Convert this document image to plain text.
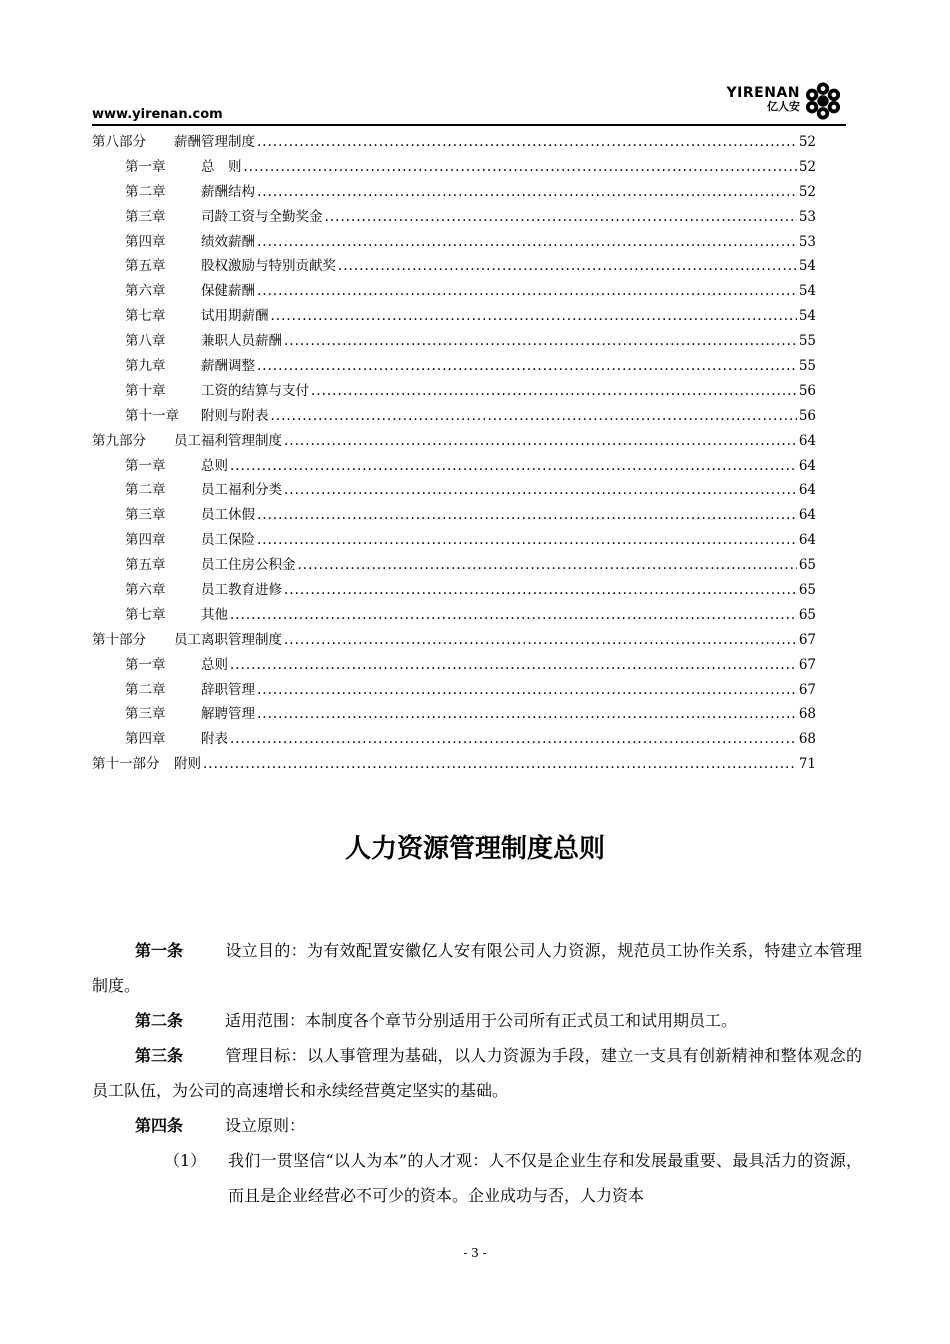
www.yirenan.com
YIRENAN
亿人安
第八部分	薪酬管理制度 .....	52
第一章	总　则 .....	52
第二章	薪酬结构 .....	52
第三章	司龄工资与全勤奖金 .....	53
第四章	绩效薪酬 .....	53
第五章	股权激励与特别贡献奖 .....	54
第六章	保健薪酬 .....	54
第七章	试用期薪酬 .....	54
第八章	兼职人员薪酬 .....	55
第九章	薪酬调整 .....	55
第十章	工资的结算与支付 .....	56
第十一章	附则与附表 .....	56
第九部分	员工福利管理制度 .....	64
第一章	总则 .....	64
第二章	员工福利分类 .....	64
第三章	员工休假 .....	64
第四章	员工保险 .....	64
第五章	员工住房公积金 .....	65
第六章	员工教育进修 .....	65
第七章	其他 .....	65
第十部分	员工离职管理制度 .....	67
第一章	总则 .....	67
第二章	辞职管理 .....	67
第三章	解聘管理 .....	68
第四章	附表 .....	68
第十一部分	附则 .....	71
人力资源管理制度总则

第一条	设立目的：为有效配置安徽亿人安有限公司人力资源，规范员工协作关系，特建立本管理制度。

第二条	适用范围：本制度各个章节分别适用于公司所有正式员工和试用期员工。

第三条	管理目标：以人事管理为基础，以人力资源为手段，建立一支具有创新精神和整体观念的员工队伍，为公司的高速增长和永续经营奠定坚实的基础。

第四条	设立原则：

（1）	我们一贯坚信“以人为本”的人才观：人不仅是企业生存和发展最重要、最具活力的资源，而且是企业经营必不可少的资本。企业成功与否，人力资本
- 3 -
